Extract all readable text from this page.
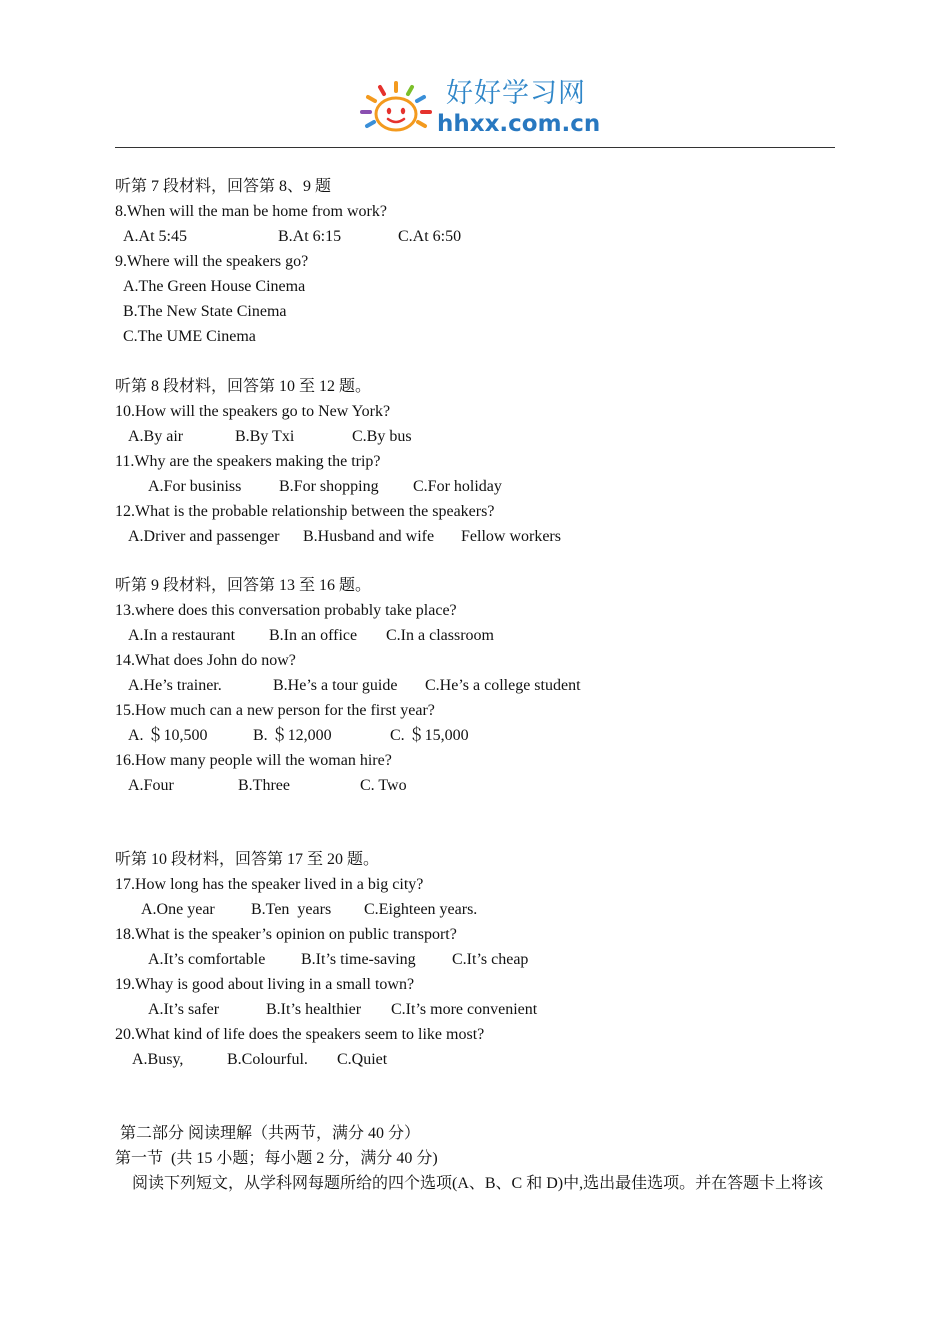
好好学习网
hhxx.com.cn
听第 7 段材料，回答第 8、9 题
8.When will the man be home from work?
A.At 5:45	B.At 6:15	C.At 6:50
9.Where will the speakers go?
A.The Green House Cinema
B.The New State Cinema
C.The UME Cinema
听第 8 段材料，回答第 10 至 12 题。
10.How will the speakers go to New York?
A.By air	B.By Txi	C.By bus
11.Why are the speakers making the trip?
A.For businiss B.For shopping C.For holiday
12.What is the probable relationship between the speakers?
A.Driver and passenger B.Husband and wife Fellow workers
听第 9 段材料，回答第 13 至 16 题。
13.where does this conversation probably take place?
A.In a restaurant B.In an office C.In a classroom
14.What does John do now?
A.He’s trainer.	B.He’s a tour guide C.He’s a college student
15.How much can a new person for the first year?
A. ＄10,500	B. ＄12,000	C. ＄15,000
16.How many people will the woman hire?
A.Four	B.Three	C. Two
听第 10 段材料，回答第 17 至 20 题。
17.How long has the speaker lived in a big city?
A.One year B.Ten  years C.Eighteen years.
18.What is the speaker’s opinion on public transport?
A.It’s comfortable B.It’s time-saving C.It’s cheap
19.Whay is good about living in a small town?
A.It’s safer	B.It’s healthier C.It’s more convenient
20.What kind of life does the speakers seem to like most?
A.Busy,	B.Colourful. C.Quiet
第二部分 阅读理解（共两节，满分 40 分）
第一节  (共 15 小题；每小题 2 分，满分 40 分)
阅读下列短文，从学科网每题所给的四个选项(A、B、C 和 D)中,选出最佳选项。并在答题卡上将该
